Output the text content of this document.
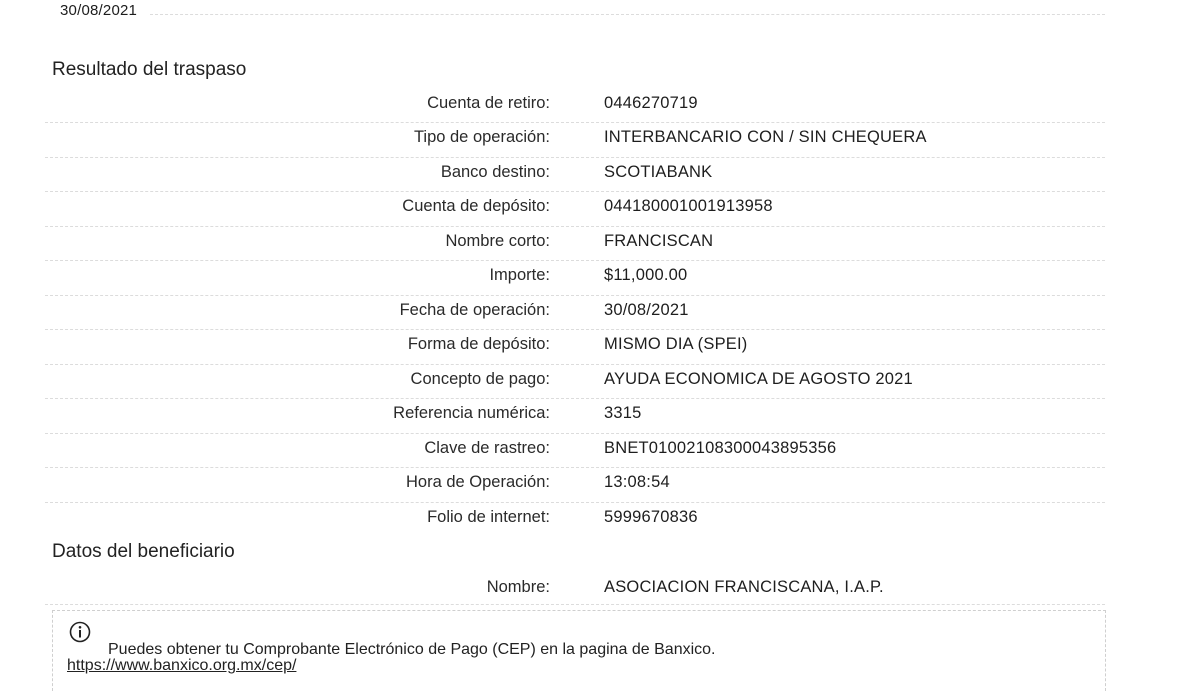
30/08/2021
Resultado del traspaso
Cuenta de retiro:	0446270719
Tipo de operación:	INTERBANCARIO CON / SIN CHEQUERA
Banco destino:	SCOTIABANK
Cuenta de depósito:	044180001001913958
Nombre corto:	FRANCISCAN
Importe:	$11,000.00
Fecha de operación:	30/08/2021
Forma de depósito:	MISMO DIA (SPEI)
Concepto de pago:	AYUDA ECONOMICA DE AGOSTO 2021
Referencia numérica:	3315
Clave de rastreo:	BNET01002108300043895356
Hora de Operación:	13:08:54
Folio de internet:	5999670836
Datos del beneficiario
Nombre:	ASOCIACION FRANCISCANA, I.A.P.
Puedes obtener tu Comprobante Electrónico de Pago (CEP) en la pagina de Banxico.
https://www.banxico.org.mx/cep/
